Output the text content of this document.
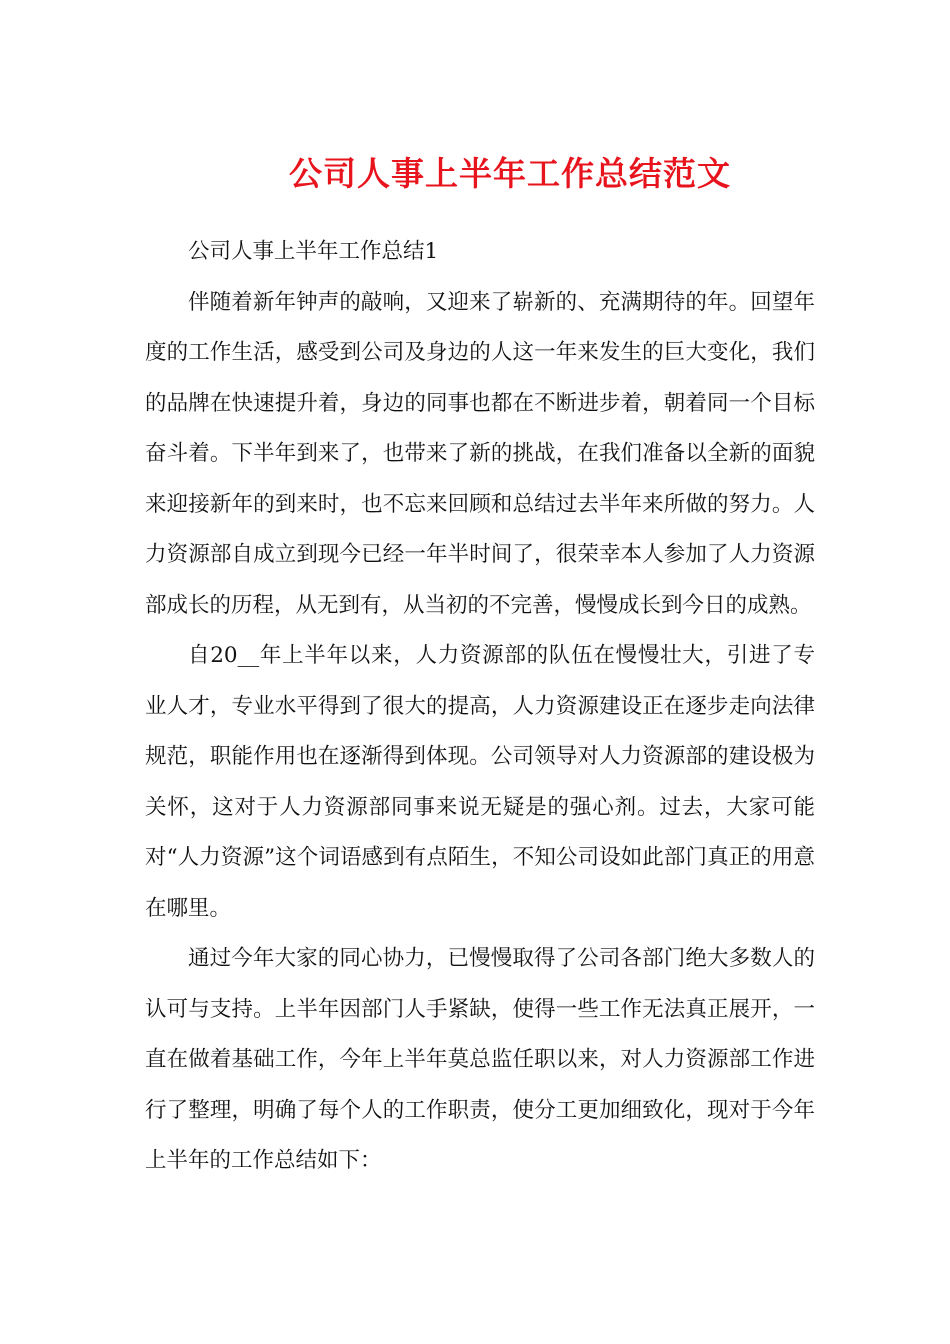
公司人事上半年工作总结范文

公司人事上半年工作总结1

伴随着新年钟声的敲响，又迎来了崭新的、充满期待的年。回望年度的工作生活，感受到公司及身边的人这一年来发生的巨大变化，我们的品牌在快速提升着，身边的同事也都在不断进步着，朝着同一个目标奋斗着。下半年到来了，也带来了新的挑战，在我们准备以全新的面貌来迎接新年的到来时，也不忘来回顾和总结过去半年来所做的努力。人力资源部自成立到现今已经一年半时间了，很荣幸本人参加了人力资源部成长的历程，从无到有，从当初的不完善，慢慢成长到今日的成熟。

自20__年上半年以来，人力资源部的队伍在慢慢壮大，引进了专业人才，专业水平得到了很大的提高，人力资源建设正在逐步走向法律规范，职能作用也在逐渐得到体现。公司领导对人力资源部的建设极为关怀，这对于人力资源部同事来说无疑是的强心剂。过去，大家可能对“人力资源”这个词语感到有点陌生，不知公司设如此部门真正的用意在哪里。

通过今年大家的同心协力，已慢慢取得了公司各部门绝大多数人的认可与支持。上半年因部门人手紧缺，使得一些工作无法真正展开，一直在做着基础工作，今年上半年莫总监任职以来，对人力资源部工作进行了整理，明确了每个人的工作职责，使分工更加细致化，现对于今年上半年的工作总结如下：
